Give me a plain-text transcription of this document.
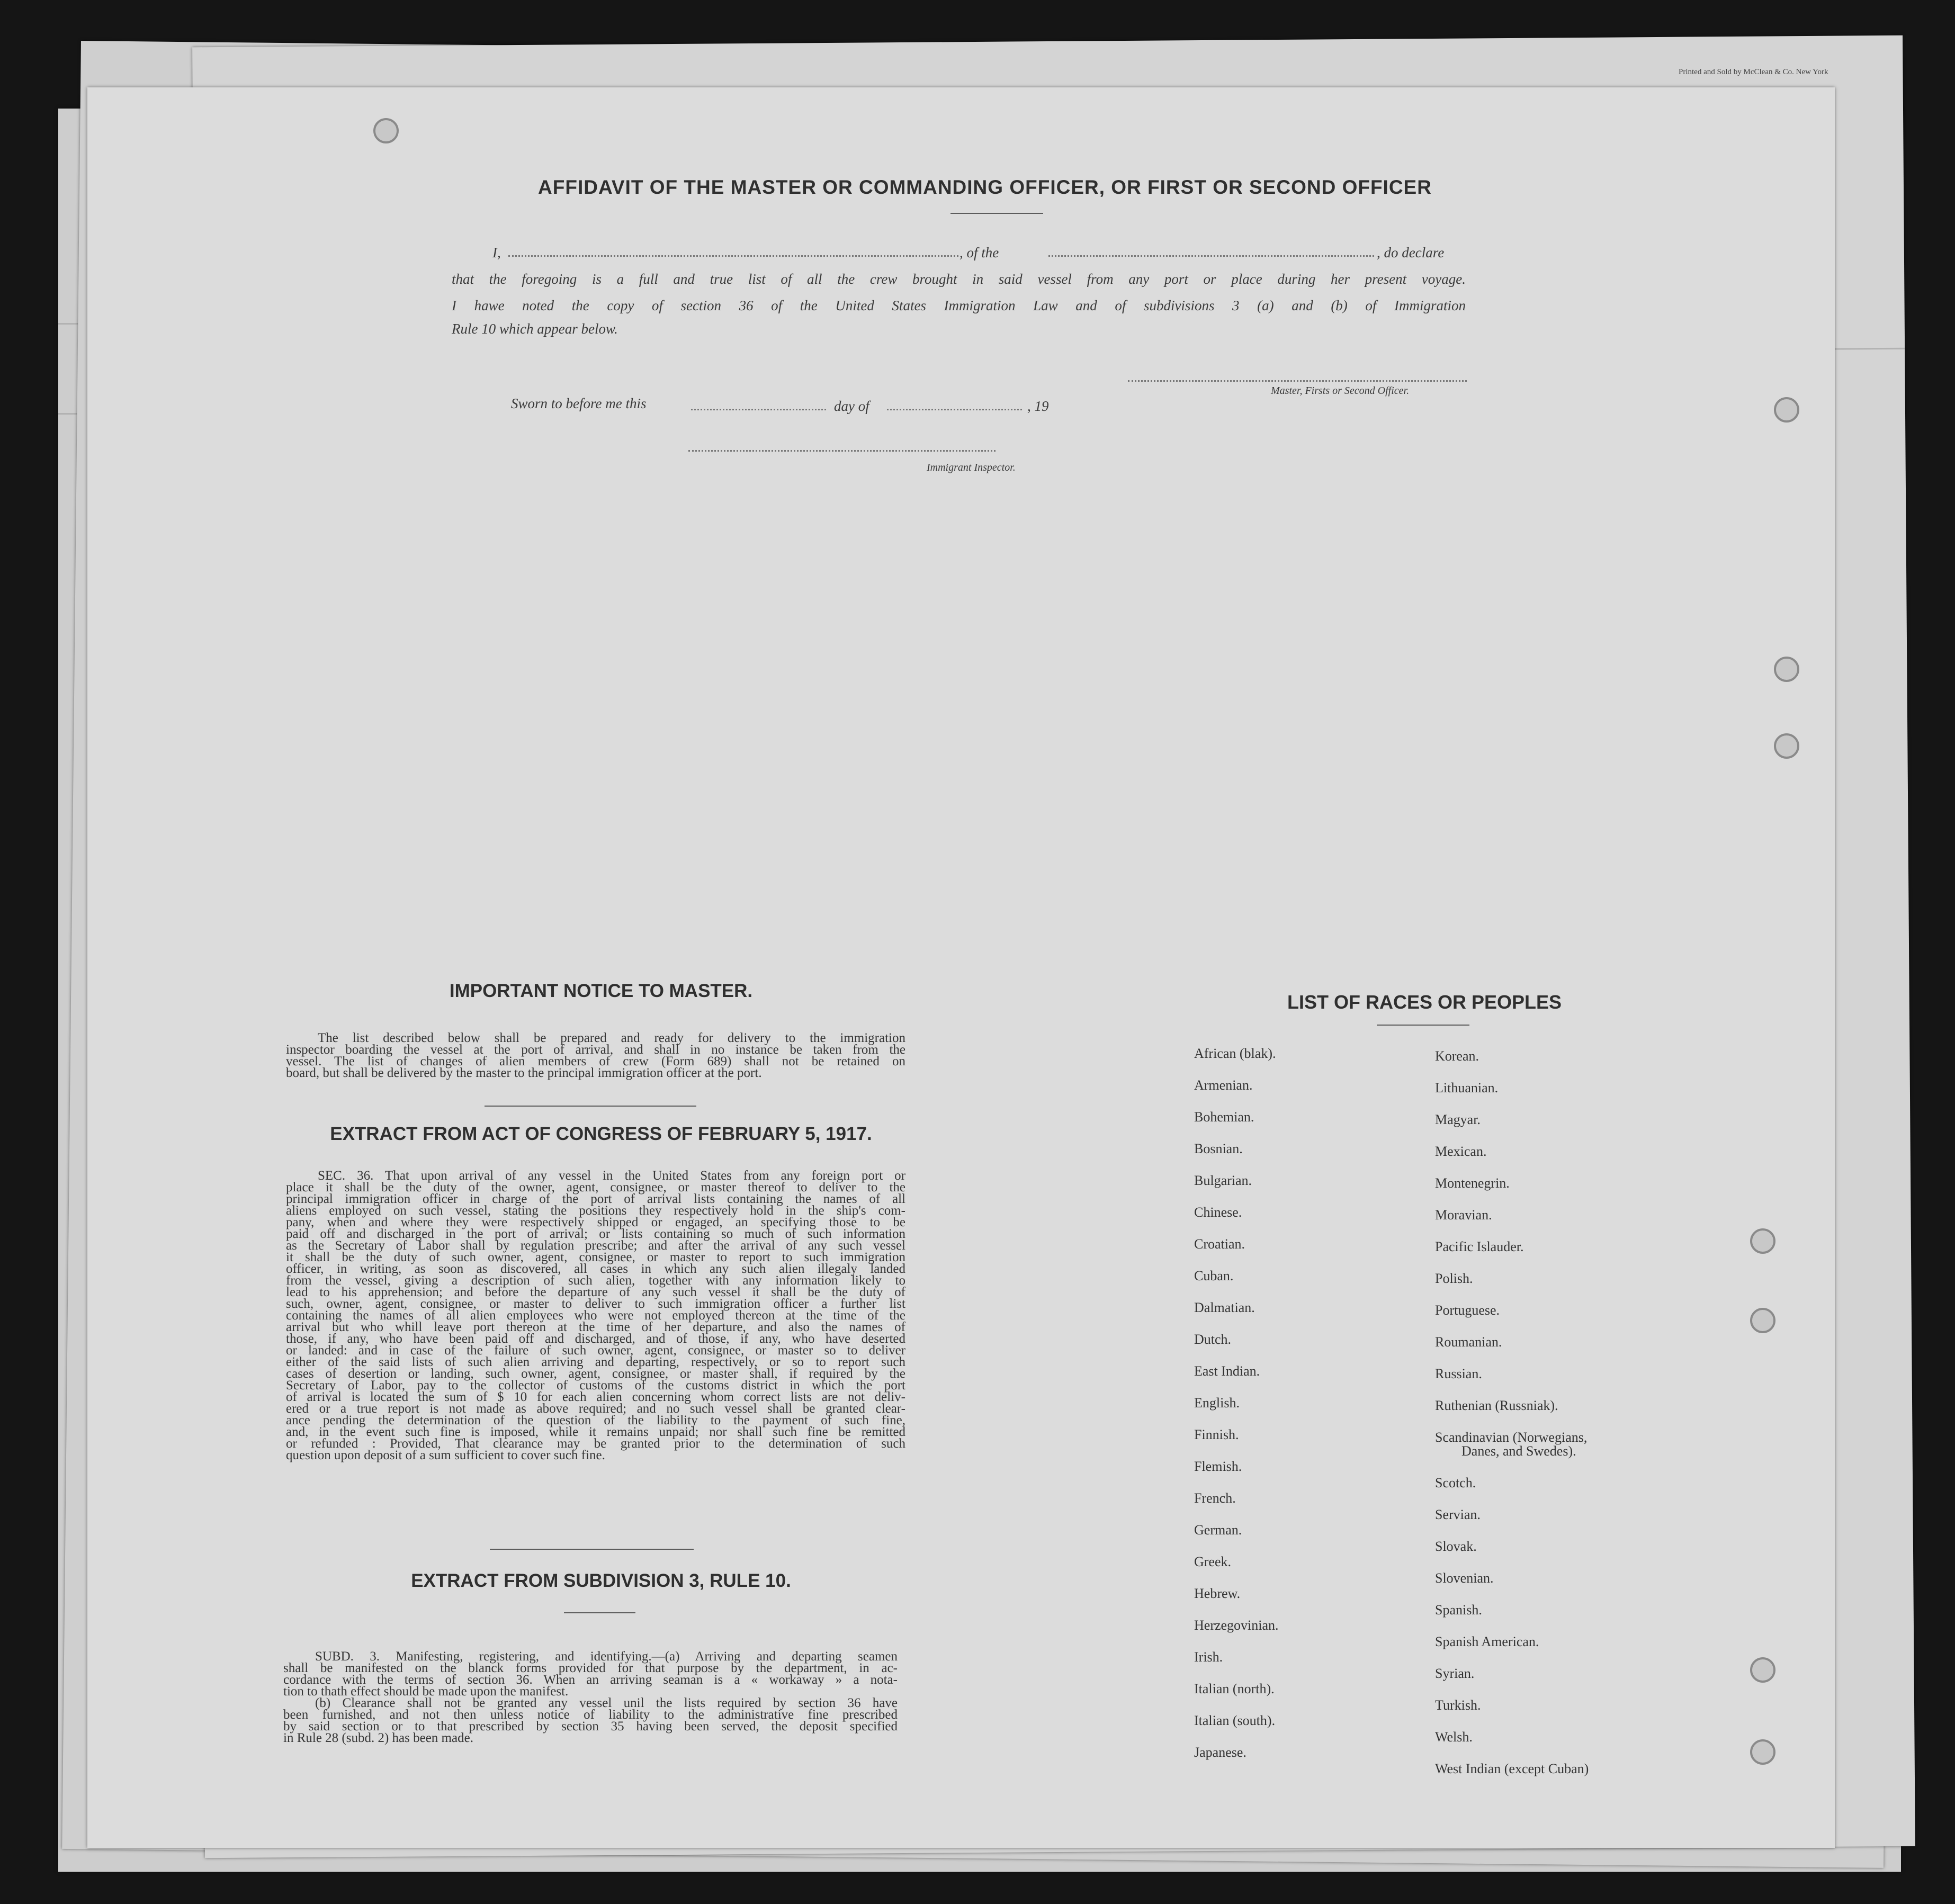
Printed and Sold by McClean & Co. New York
AFFIDAVIT OF THE MASTER OR COMMANDING OFFICER, OR FIRST OR SECOND OFFICER
I,	, of the	, do declare
that the foregoing is a full and true list of all the crew brought in said vessel from any port or place during her present voyage.
I hawe noted the copy of section 36 of the United States Immigration Law and of subdivisions 3 (a) and (b) of Immigration
Rule 10 which appear below.
Master, Firsts or Second Officer.
Sworn to before me this	day of	, 19
Immigrant Inspector.
IMPORTANT NOTICE TO MASTER.
The list described below shall be prepared and ready for delivery to the immigration
inspector boarding the vessel at the port of arrival, and shall in no instance be taken from the
vessel. The list of changes of alien members of crew (Form 689) shall not be retained on
board, but shall be delivered by the master to the principal immigration officer at the port.
EXTRACT FROM ACT OF CONGRESS OF FEBRUARY 5, 1917.
SEC. 36. That upon arrival of any vessel in the United States from any foreign port or
place it shall be the duty of the owner, agent, consignee, or master thereof to deliver to the
principal immigration officer in charge of the port of arrival lists containing the names of all
aliens employed on such vessel, stating the positions they respectively hold in the ship's com-
pany, when and where they were respectively shipped or engaged, an specifying those to be
paid off and discharged in the port of arrival; or lists containing so much of such information
as the Secretary of Labor shall by regulation prescribe; and after the arrival of any such vessel
it shall be the duty of such owner, agent, consignee, or master to report to such immigration
officer, in writing, as soon as discovered, all cases in which any such alien illegaly landed
from the vessel, giving a description of such alien, together with any information likely to
lead to his apprehension; and before the departure of any such vessel it shall be the duty of
such, owner, agent, consignee, or master to deliver to such immigration officer a further list
containing the names of all alien employees who were not employed thereon at the time of the
arrival but who whill leave port thereon at the time of her departure, and also the names of
those, if any, who have been paid off and discharged, and of those, if any, who have deserted
or landed: and in case of the failure of such owner, agent, consignee, or master so to deliver
either of the said lists of such alien arriving and departing, respectively, or so to report such
cases of desertion or landing, such owner, agent, consignee, or master shall, if required by the
Secretary of Labor, pay to the collector of customs of the customs district in which the port
of arrival is located the sum of $ 10 for each alien concerning whom correct lists are not deliv-
ered or a true report is not made as above required; and no such vessel shall be granted clear-
ance pending the determination of the question of the liability to the payment of such fine,
and, in the event such fine is imposed, while it remains unpaid; nor shall such fine be remitted
or refunded : Provided, That clearance may be granted prior to the determination of such
question upon deposit of a sum sufficient to cover such fine.
EXTRACT FROM SUBDIVISION 3, RULE 10.
SUBD. 3. Manifesting, registering, and identifying.—(a) Arriving and departing seamen
shall be manifested on the blanck forms provided for that purpose by the department, in ac-
cordance with the terms of section 36. When an arriving seaman is a « workaway » a nota-
tion to thath effect should be made upon the manifest.
(b) Clearance shall not be granted any vessel unil the lists required by section 36 have
been furnished, and not then unless notice of liability to the administrative fine prescribed
by said section or to that prescribed by section 35 having been served, the deposit specified
in Rule 28 (subd. 2) has been made.
LIST OF RACES OR PEOPLES
African (blak).
Armenian.
Bohemian.
Bosnian.
Bulgarian.
Chinese.
Croatian.
Cuban.
Dalmatian.
Dutch.
East Indian.
English.
Finnish.
Flemish.
French.
German.
Greek.
Hebrew.
Herzegovinian.
Irish.
Italian (north).
Italian (south).
Japanese.
Korean.
Lithuanian.
Magyar.
Mexican.
Montenegrin.
Moravian.
Pacific Islauder.
Polish.
Portuguese.
Roumanian.
Russian.
Ruthenian (Russniak).
Scandinavian (Norwegians,
Danes, and Swedes).
Scotch.
Servian.
Slovak.
Slovenian.
Spanish.
Spanish American.
Syrian.
Turkish.
Welsh.
West Indian (except Cuban)
